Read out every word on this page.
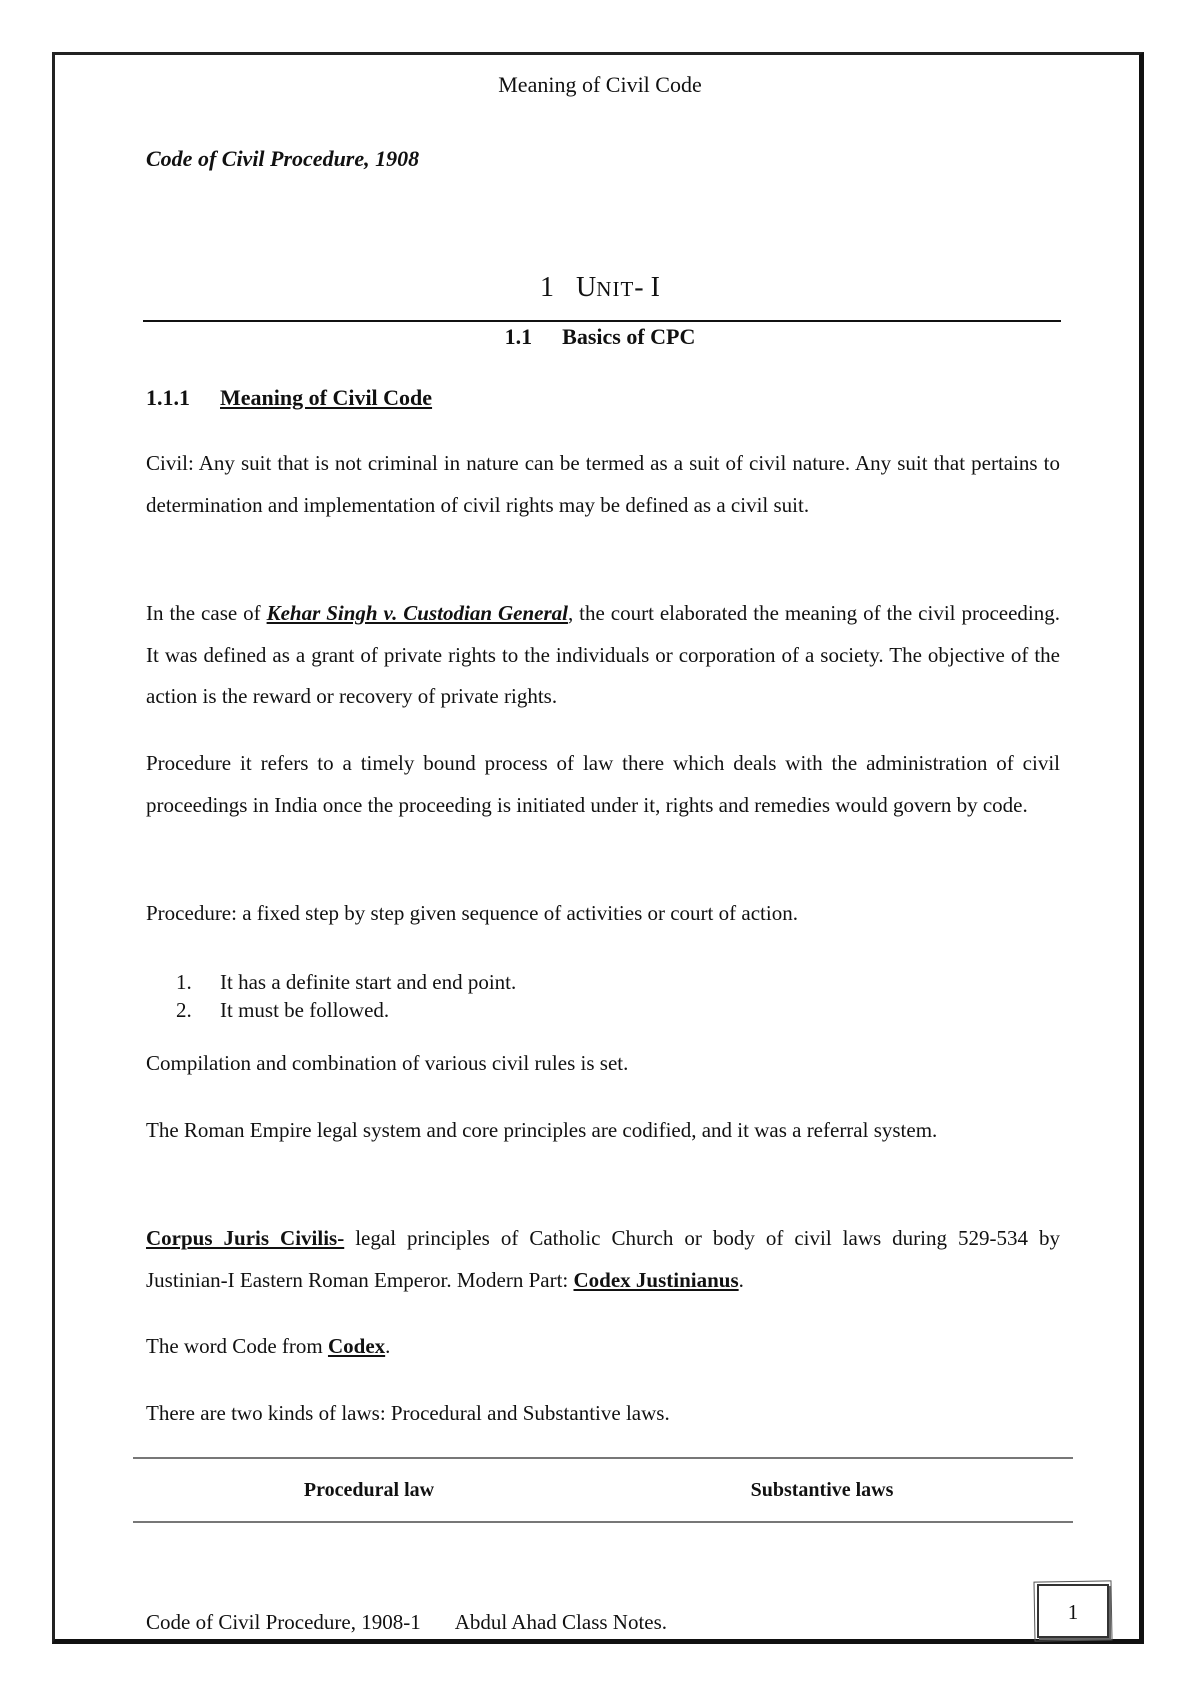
Meaning of Civil Code
Code of Civil Procedure, 1908
1 UNIT- I
1.1 Basics of CPC
1.1.1 Meaning of Civil Code

Civil: Any suit that is not criminal in nature can be termed as a suit of civil nature. Any suit that pertains to determination and implementation of civil rights may be defined as a civil suit.

In the case of Kehar Singh v. Custodian General, the court elaborated the meaning of the civil proceeding. It was defined as a grant of private rights to the individuals or corporation of a society. The objective of the action is the reward or recovery of private rights.

Procedure it refers to a timely bound process of law there which deals with the administration of civil proceedings in India once the proceeding is initiated under it, rights and remedies would govern by code.

Procedure: a fixed step by step given sequence of activities or court of action.

1. It has a definite start and end point.
2. It must be followed.

Compilation and combination of various civil rules is set.

The Roman Empire legal system and core principles are codified, and it was a referral system.

Corpus Juris Civilis- legal principles of Catholic Church or body of civil laws during 529-534 by Justinian-I Eastern Roman Emperor. Modern Part: Codex Justinianus.

The word Code from Codex.

There are two kinds of laws: Procedural and Substantive laws.

Procedural law	Substantive laws
Code of Civil Procedure, 1908-1 Abdul Ahad Class Notes.	1
